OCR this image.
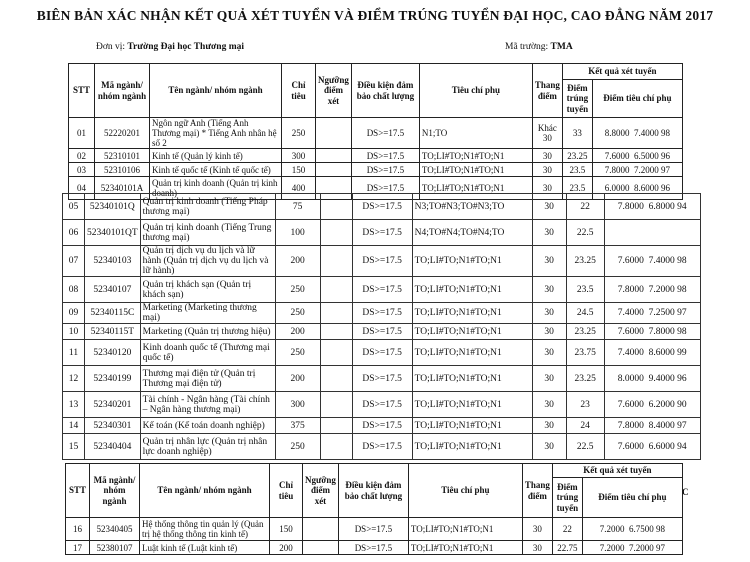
BIÊN BẢN XÁC NHẬN KẾT QUẢ XÉT TUYỂN VÀ ĐIỂM TRÚNG TUYỂN ĐẠI HỌC, CAO ĐẲNG NĂM 2017
Đơn vị: Trường Đại học Thương mại	Mã trường: TMA
STT	Mã ngành/ nhóm ngành	Tên ngành/ nhóm ngành	Chỉ tiêu	Ngưỡng điểm xét	Điều kiện đảm bảo chất lượng	Tiêu chí phụ	Thang điểm	Kết quả xét tuyển	
								Điểm trúng tuyển	Điểm tiêu chí phụ
01	52220201	Ngôn ngữ Anh (Tiếng Anh Thương mại) * Tiếng Anh nhân hệ số 2	250		DS>=17.5	N1;TO	Khác 30	33	8.8000  7.4000 98
02	52310101	Kinh tế (Quản lý kinh tế)	300		DS>=17.5	TO;LI#TO;N1#TO;N1	30	23.25	7.6000  6.5000 96
03	52310106	Kinh tế quốc tế (Kinh tế quốc tế)	150		DS>=17.5	TO;LI#TO;N1#TO;N1	30	23.5	7.8000  7.2000 97
04	52340101A	Quản trị kinh doanh (Quản trị kinh doanh)	400		DS>=17.5	TO;LI#TO;N1#TO;N1	30	23.5	6.0000  8.6000 96
05	52340101Q	Quản trị kinh doanh (Tiếng Pháp thương mại)	75		DS>=17.5	N3;TO#N3;TO#N3;TO	30	22	7.8000  6.8000 94
06	52340101QT	Quản trị kinh doanh (Tiếng Trung thương mại)	100		DS>=17.5	N4;TO#N4;TO#N4;TO	30	22.5	
07	52340103	Quản trị dịch vụ du lịch và lữ hành (Quản trị dịch vụ du lịch và lữ hành)	200		DS>=17.5	TO;LI#TO;N1#TO;N1	30	23.25	7.6000  7.4000 98
08	52340107	Quản trị khách sạn (Quản trị khách sạn)	250		DS>=17.5	TO;LI#TO;N1#TO;N1	30	23.5	7.8000  7.2000 98
09	52340115C	Marketing (Marketing thương mại)	250		DS>=17.5	TO;LI#TO;N1#TO;N1	30	24.5	7.4000  7.2500 97
10	52340115T	Marketing (Quản trị thương hiệu)	200		DS>=17.5	TO;LI#TO;N1#TO;N1	30	23.25	7.6000  7.8000 98
11	52340120	Kinh doanh quốc tế (Thương mại quốc tế)	250		DS>=17.5	TO;LI#TO;N1#TO;N1	30	23.75	7.4000  8.6000 99
12	52340199	Thương mại điện tử (Quản trị Thương mại điện tử)	200		DS>=17.5	TO;LI#TO;N1#TO;N1	30	23.25	8.0000  9.4000 96
13	52340201	Tài chính - Ngân hàng (Tài chính – Ngân hàng thương mại)	300		DS>=17.5	TO;LI#TO;N1#TO;N1	30	23	7.6000  6.2000 90
14	52340301	Kế toán (Kế toán doanh nghiệp)	375		DS>=17.5	TO;LI#TO;N1#TO;N1	30	24	7.8000  8.4000 97
15	52340404	Quản trị nhân lực (Quản trị nhân lực doanh nghiệp)	250		DS>=17.5	TO;LI#TO;N1#TO;N1	30	22.5	7.6000  6.6000 94
STT	Mã ngành/ nhóm ngành	Tên ngành/ nhóm ngành	Chỉ tiêu	Ngưỡng điểm xét	Điều kiện đảm bảo chất lượng	Tiêu chí phụ	Thang điểm	Kết quả xét tuyển	
								Điểm trúng tuyển	Điểm tiêu chí phụ
16	52340405	Hệ thống thông tin quản lý (Quản trị hệ thống thông tin kinh tế)	150		DS>=17.5	TO;LI#TO;N1#TO;N1	30	22	7.2000  6.7500 98
17	52380107	Luật kinh tế (Luật kinh tế)	200		DS>=17.5	TO;LI#TO;N1#TO;N1	30	22.75	7.2000  7.2000 97
C
